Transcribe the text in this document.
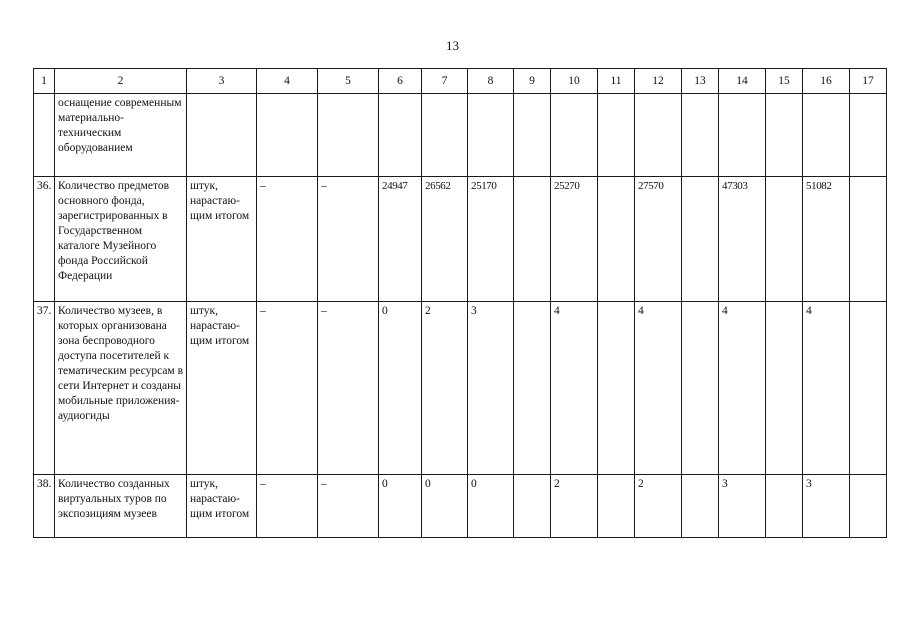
13
1	2	3	4	5	6	7	8	9	10	11	12	13	14	15	16	17
	оснащение современным материально-техническим оборудованием															
36.	Количество предметов основного фонда, зарегистрированных в Государственном каталоге Музейного фонда Российской Федерации	штук, нарастаю-щим итогом	–	–	24947	26562	25170		25270		27570		47303		51082	
37.	Количество музеев, в которых организована зона беспроводного доступа посетителей к тематическим ресурсам в сети Интернет и созданы мобильные приложения-аудиогиды	штук, нарастаю-щим итогом	–	–	0	2	3		4		4		4		4	
38.	Количество созданных виртуальных туров по экспозициям музеев	штук, нарастаю-щим итогом	–	–	0	0	0		2		2		3		3	
